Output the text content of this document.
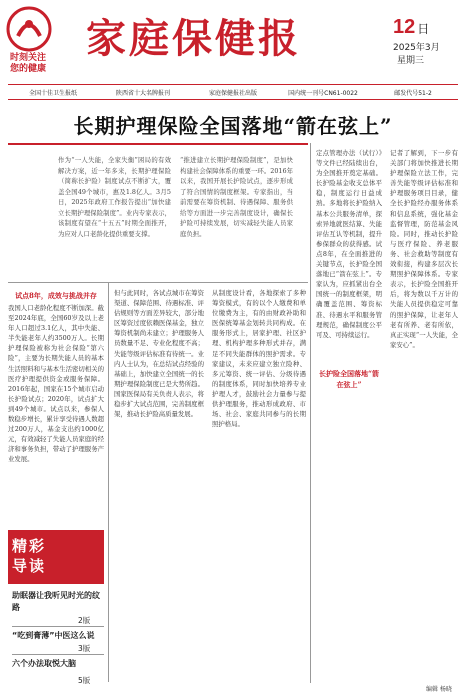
时刻关注
您的健康
家庭保健报	12 日
2025年3月
星期三
全国十佳卫生报纸	陕西省十大名牌报刊	家庭保健报社出版	国内统一刊号CN61-0022	邮发代号51-2
长期护理保险全国落地“箭在弦上”
作为“一人失能，全家失衡”困局的有效解决方案，近一年多来，长期护理保险（简称长护险）制度试点不断扩大，覆盖全国49个城市，惠及1.8亿人。3月5日，2025年政府工作报告提出“加快建立长期护理保险制度”。业内专家表示，该制度有望在“十五五”时期全面推开，为应对人口老龄化提供重要支撑。
“推进建立长期护理保险制度”，是加快构建社会保障体系的重要一环。2016年以来，我国开展长护险试点，逐步形成了符合国情的制度框架。专家指出，当前需要在筹资机制、待遇保障、服务供给等方面进一步完善制度设计，确保长护险可持续发展，切实减轻失能人员家庭负担。
试点8年，成效与挑战并存
我国人口老龄化程度不断加深。截至2024年底，全国60岁及以上老年人口超过3.1亿人，其中失能、半失能老年人约3500万人。长期护理保险被称为社会保险“第六险”，主要为长期失能人员的基本生活照料和与基本生活密切相关的医疗护理提供资金或服务保障。2016年起，国家在15个城市启动长护险试点；2020年，试点扩大到49个城市。试点以来，参保人数稳步增长，累计享受待遇人数超过200万人，基金支出约1000亿元，有效减轻了失能人员家庭的经济和事务负担，带动了护理服务产业发展。
但与此同时，各试点城市在筹资渠道、保障范围、待遇标准、评估规则等方面差异较大，部分地区筹资过度依赖医保基金，独立筹资机制尚未建立；护理服务人员数量不足、专业化程度不高；失能等级评估标准有待统一。业内人士认为，在总结试点经验的基础上，加快建立全国统一的长期护理保险制度已是大势所趋。国家医保局有关负责人表示，将稳步扩大试点范围，完善制度框架，推动长护险高质量发展。
从制度设计看，各地探索了多种筹资模式，有的以个人缴费和单位缴费为主，有的由财政补助和医保统筹基金划转共同构成。在服务形式上，居家护理、社区护理、机构护理多种形式并存，满足不同失能群体的照护需求。专家建议，未来应建立独立险种、多元筹资、统一评估、分级待遇的制度体系，同时加快培养专业护理人才，鼓励社会力量参与提供护理服务，推动形成政府、市场、社会、家庭共同参与的长期照护格局。
定点管理办法（试行）》等文件已经陆续出台，为全国推开奠定基础。长护险基金收支总体平稳，制度运行日益成熟。多地将长护险纳入基本公共服务清单，探索异地就医结算、失能评估互认等机制，提升参保群众的获得感。试点8年，在全面推进的关键节点，长护险全国落地已“箭在弦上”。专家认为，应抓紧出台全国统一的制度框架，明确覆盖范围、筹资标准、待遇水平和服务管理规范，确保制度公平可及、可持续运行。
记者了解到，下一步有关部门将加快推进长期护理保险立法工作，完善失能等级评估标准和护理服务项目目录，健全长护险经办服务体系和信息系统，强化基金监督管理，防范基金风险。同时，推动长护险与医疗保险、养老服务、社会救助等制度有效衔接，构建多层次长期照护保障体系。专家表示，长护险全国推开后，将为数以千万计的失能人员提供稳定可靠的照护保障，让老年人老有所养、老有所依，真正实现“一人失能，全家安心”。
长护险全国落地“箭在弦上”
精彩
导读
助眠器让我听见时光的纹路
2版
“吃到膏薄”中医这么说
3版
六个办法取悦大脑
5版
编辑 杨晓
